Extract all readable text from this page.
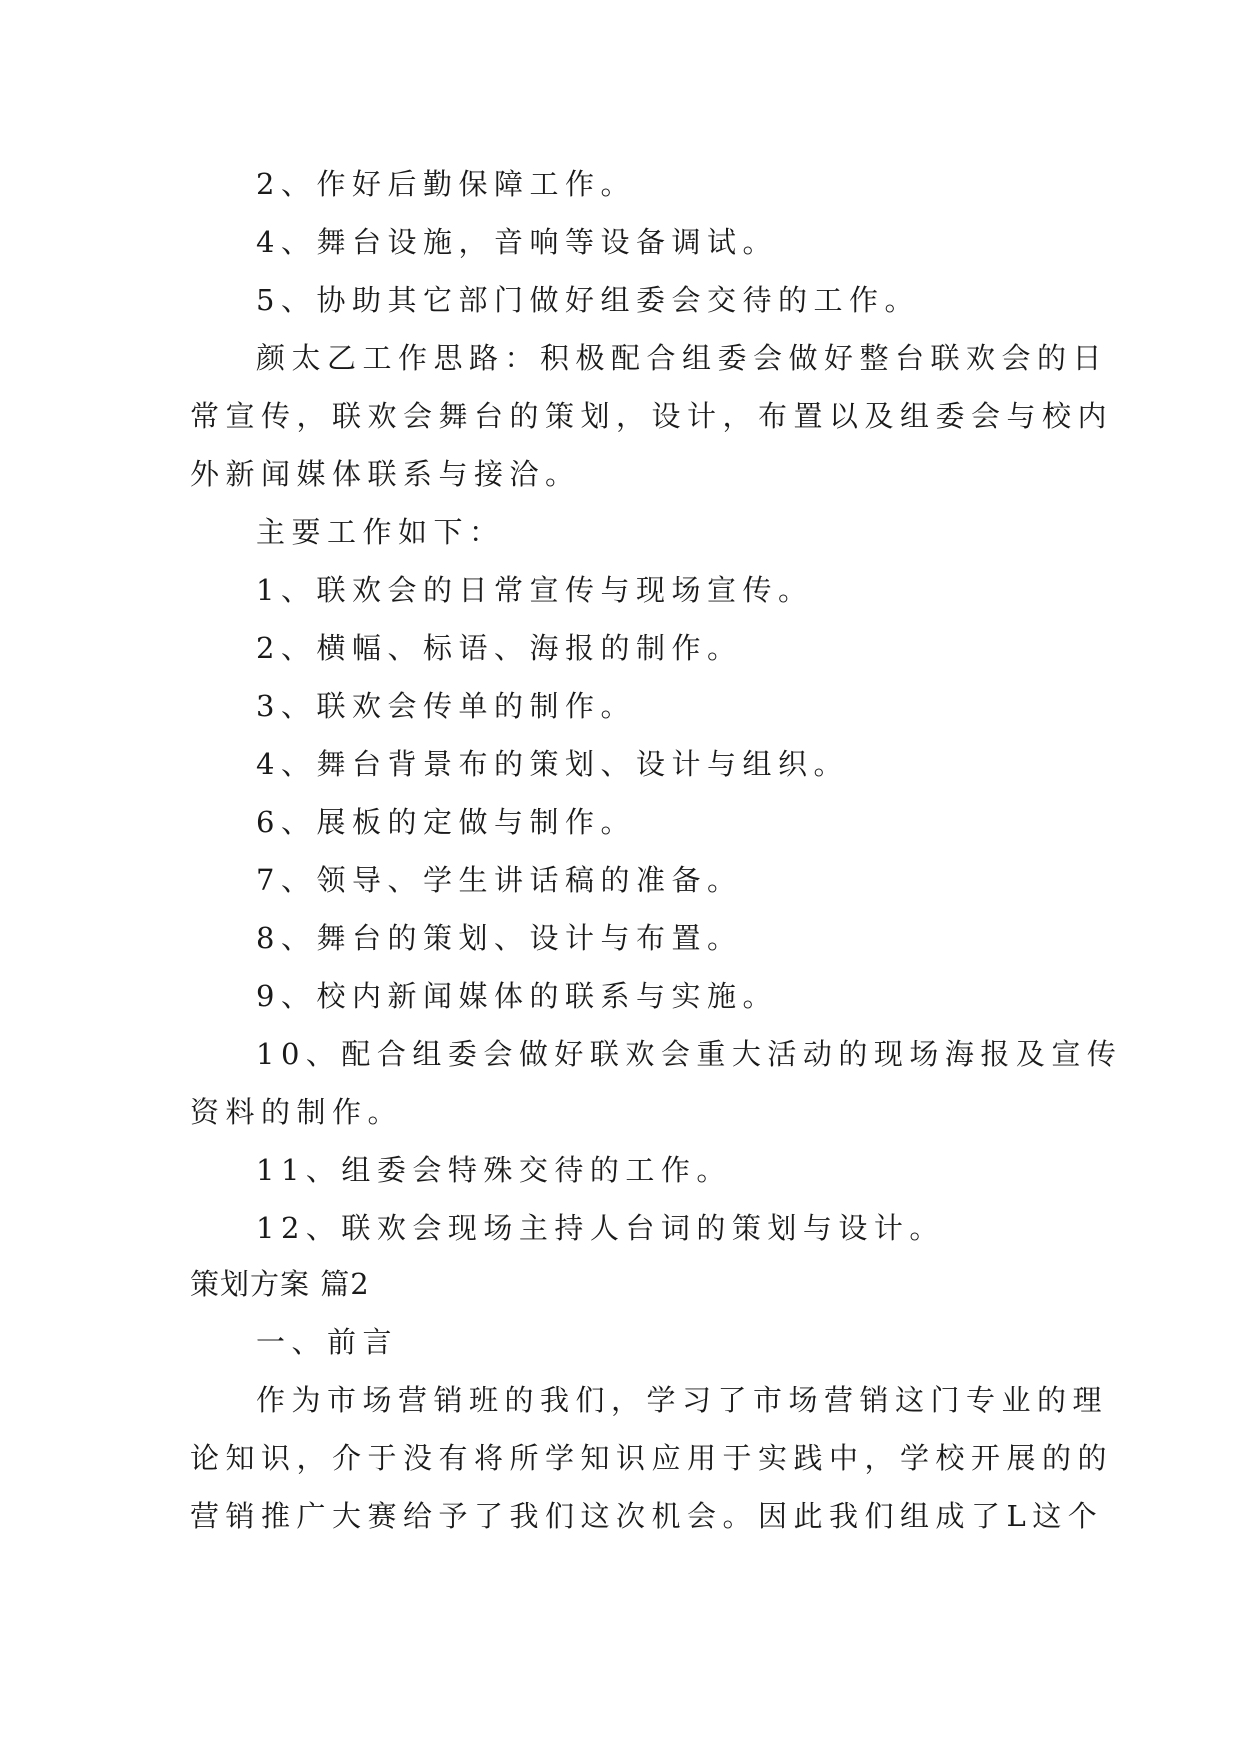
2、作好后勤保障工作。
4、舞台设施，音响等设备调试。
5、协助其它部门做好组委会交待的工作。
颜太乙工作思路：积极配合组委会做好整台联欢会的日
常宣传，联欢会舞台的策划，设计，布置以及组委会与校内
外新闻媒体联系与接洽。
主要工作如下：
1、联欢会的日常宣传与现场宣传。
2、横幅、标语、海报的制作。
3、联欢会传单的制作。
4、舞台背景布的策划、设计与组织。
6、展板的定做与制作。
7、领导、学生讲话稿的准备。
8、舞台的策划、设计与布置。
9、校内新闻媒体的联系与实施。
10、配合组委会做好联欢会重大活动的现场海报及宣传
资料的制作。
11、组委会特殊交待的工作。
12、联欢会现场主持人台词的策划与设计。
策划方案 篇2
一、前言
作为市场营销班的我们，学习了市场营销这门专业的理
论知识，介于没有将所学知识应用于实践中，学校开展的的
营销推广大赛给予了我们这次机会。因此我们组成了L这个
